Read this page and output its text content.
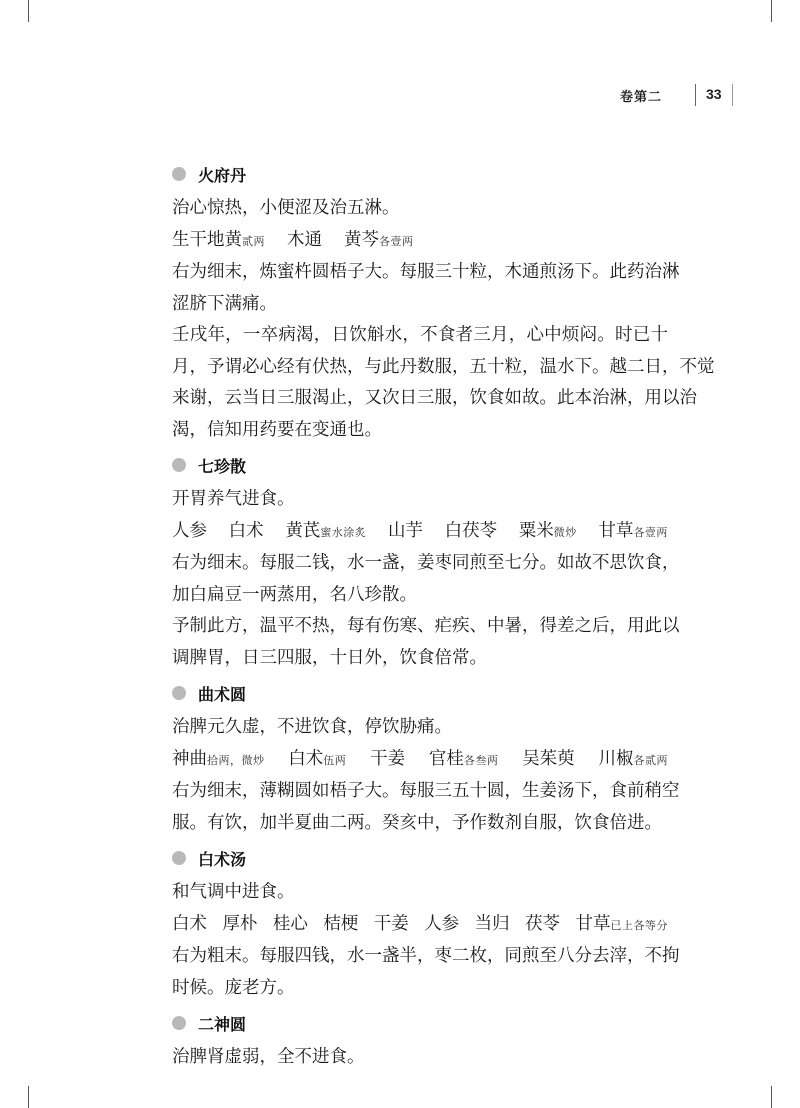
卷第二	33
火府丹
治心惊热，小便涩及治五淋。
生干地黄贰两 木通 黄芩各壹两
右为细末，炼蜜杵圆梧子大。每服三十粒，木通煎汤下。此药治淋
涩脐下满痛。
壬戌年，一卒病渴，日饮斛水，不食者三月，心中烦闷。时已十
月，予谓必心经有伏热，与此丹数服，五十粒，温水下。越二日，不觉
来谢，云当日三服渴止，又次日三服，饮食如故。此本治淋，用以治
渴，信知用药要在变通也。
七珍散
开胃养气进食。
人参 白术 黄芪蜜水涂炙 山芋 白茯苓 粟米微炒 甘草各壹两
右为细末。每服二钱，水一盏，姜枣同煎至七分。如故不思饮食，
加白扁豆一两蒸用，名八珍散。
予制此方，温平不热，每有伤寒、疟疾、中暑，得差之后，用此以
调脾胃，日三四服，十日外，饮食倍常。
曲术圆
治脾元久虚，不进饮食，停饮胁痛。
神曲拾两，微炒 白术伍两 干姜 官桂各叁两 吴茱萸 川椒各贰两
右为细末，薄糊圆如梧子大。每服三五十圆，生姜汤下，食前稍空
服。有饮，加半夏曲二两。癸亥中，予作数剂自服，饮食倍进。
白术汤
和气调中进食。
白术 厚朴 桂心 桔梗 干姜 人参 当归 茯苓 甘草已上各等分
右为粗末。每服四钱，水一盏半，枣二枚，同煎至八分去滓，不拘
时候。庞老方。
二神圆
治脾肾虚弱，全不进食。
